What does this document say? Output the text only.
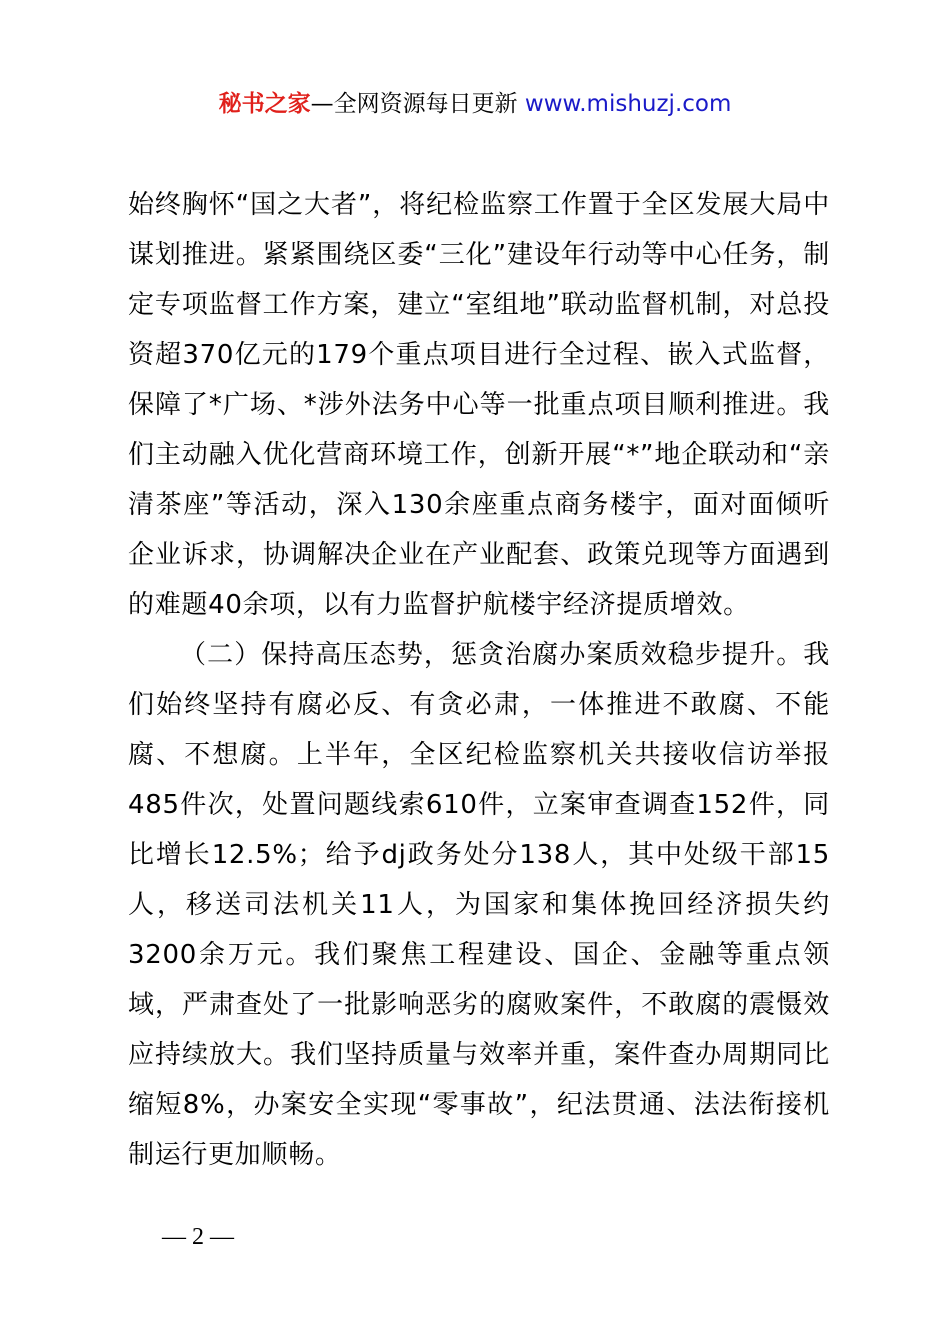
秘书之家—全网资源每日更新 www.mishuzj.com

始终胸怀“国之大者”，将纪检监察工作置于全区发展大局中谋划推进。紧紧围绕区委“三化”建设年行动等中心任务，制定专项监督工作方案，建立“室组地”联动监督机制，对总投资超370亿元的179个重点项目进行全过程、嵌入式监督，保障了*广场、*涉外法务中心等一批重点项目顺利推进。我们主动融入优化营商环境工作，创新开展“*”地企联动和“亲清茶座”等活动，深入130余座重点商务楼宇，面对面倾听企业诉求，协调解决企业在产业配套、政策兑现等方面遇到的难题40余项，以有力监督护航楼宇经济提质增效。

（二）保持高压态势，惩贪治腐办案质效稳步提升。我们始终坚持有腐必反、有贪必肃，一体推进不敢腐、不能腐、不想腐。上半年，全区纪检监察机关共接收信访举报485件次，处置问题线索610件，立案审查调查152件，同比增长12.5%；给予dj政务处分138人，其中处级干部15人，移送司法机关11人，为国家和集体挽回经济损失约3200余万元。我们聚焦工程建设、国企、金融等重点领域，严肃查处了一批影响恶劣的腐败案件，不敢腐的震慑效应持续放大。我们坚持质量与效率并重，案件查办周期同比缩短8%，办案安全实现“零事故”，纪法贯通、法法衔接机制运行更加顺畅。

— 2 —
